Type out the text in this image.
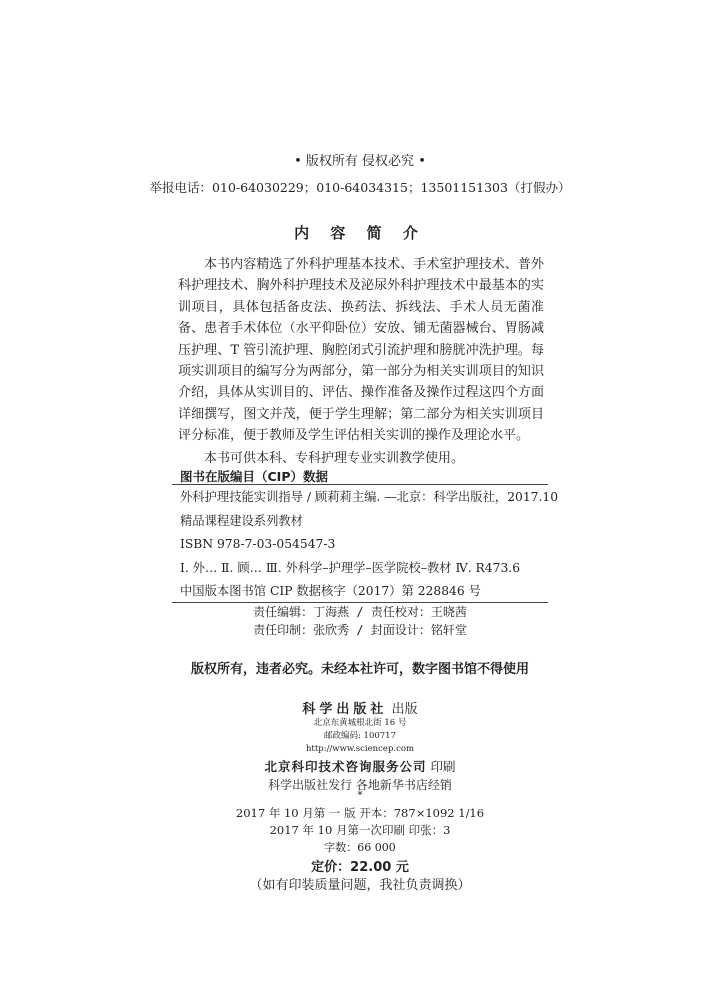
• 版权所有 侵权必究 •
举报电话：010-64030229；010-64034315；13501151303（打假办）
内 容 简 介

本书内容精选了外科护理基本技术、手术室护理技术、普外科护理技术、胸外科护理技术及泌尿外科护理技术中最基本的实训项目，具体包括备皮法、换药法、拆线法、手术人员无菌准备、患者手术体位（水平仰卧位）安放、铺无菌器械台、胃肠减压护理、T 管引流护理、胸腔闭式引流护理和膀胱冲洗护理。每项实训项目的编写分为两部分，第一部分为相关实训项目的知识介绍，具体从实训目的、评估、操作准备及操作过程这四个方面详细撰写，图文并茂，便于学生理解；第二部分为相关实训项目评分标准，便于教师及学生评估相关实训的操作及理论水平。

本书可供本科、专科护理专业实训教学使用。

图书在版编目（CIP）数据
外科护理技能实训指导 / 顾莉莉主编. —北京：科学出版社，2017.10
精品课程建设系列教材
ISBN 978-7-03-054547-3
Ⅰ. 外… Ⅱ. 顾… Ⅲ. 外科学–护理学–医学院校–教材 Ⅳ. R473.6
中国版本图书馆 CIP 数据核字（2017）第 228846 号
责任编辑：丁海燕 / 责任校对：王晓茜
责任印制：张欣秀 / 封面设计：铭轩堂
版权所有，违者必究。未经本社许可，数字图书馆不得使用
科学出版社 出版
北京东黄城根北街 16 号
邮政编码: 100717
http://www.sciencep.com
北京科印技术咨询服务公司 印刷
科学出版社发行 各地新华书店经销
*
2017 年 10 月第 一 版 开本：787×1092 1/16
2017 年 10 月第一次印刷 印张：3
字数：66 000
定价：22.00 元
（如有印装质量问题，我社负责调换）
